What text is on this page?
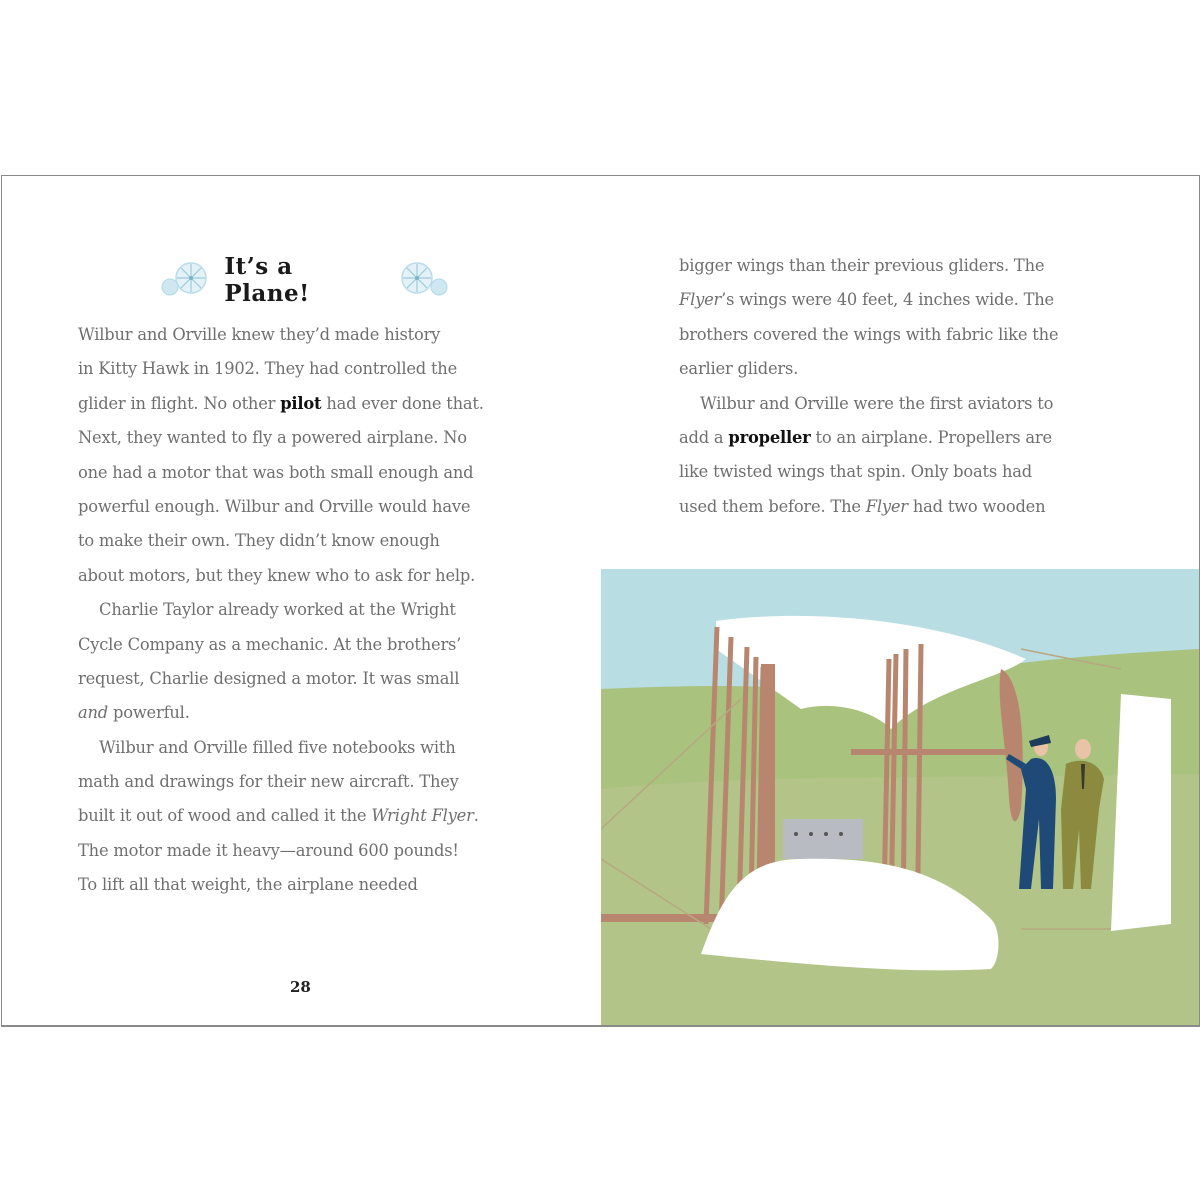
It’s a Plane!
Wilbur and Orville knew they’d made history
in Kitty Hawk in 1902. They had controlled the
glider in flight. No other pilot had ever done that.
Next, they wanted to fly a powered airplane. No
one had a motor that was both small enough and
powerful enough. Wilbur and Orville would have
to make their own. They didn’t know enough
about motors, but they knew who to ask for help.
  Charlie Taylor already worked at the Wright
Cycle Company as a mechanic. At the brothers’
request, Charlie designed a motor. It was small
and powerful.
  Wilbur and Orville filled five notebooks with
math and drawings for their new aircraft. They
built it out of wood and called it the Wright Flyer.
The motor made it heavy—around 600 pounds!
To lift all that weight, the airplane needed
bigger wings than their previous gliders. The
Flyer’s wings were 40 feet, 4 inches wide. The
brothers covered the wings with fabric like the
earlier gliders.
  Wilbur and Orville were the first aviators to
add a propeller to an airplane. Propellers are
like twisted wings that spin. Only boats had
used them before. The Flyer had two wooden
28
